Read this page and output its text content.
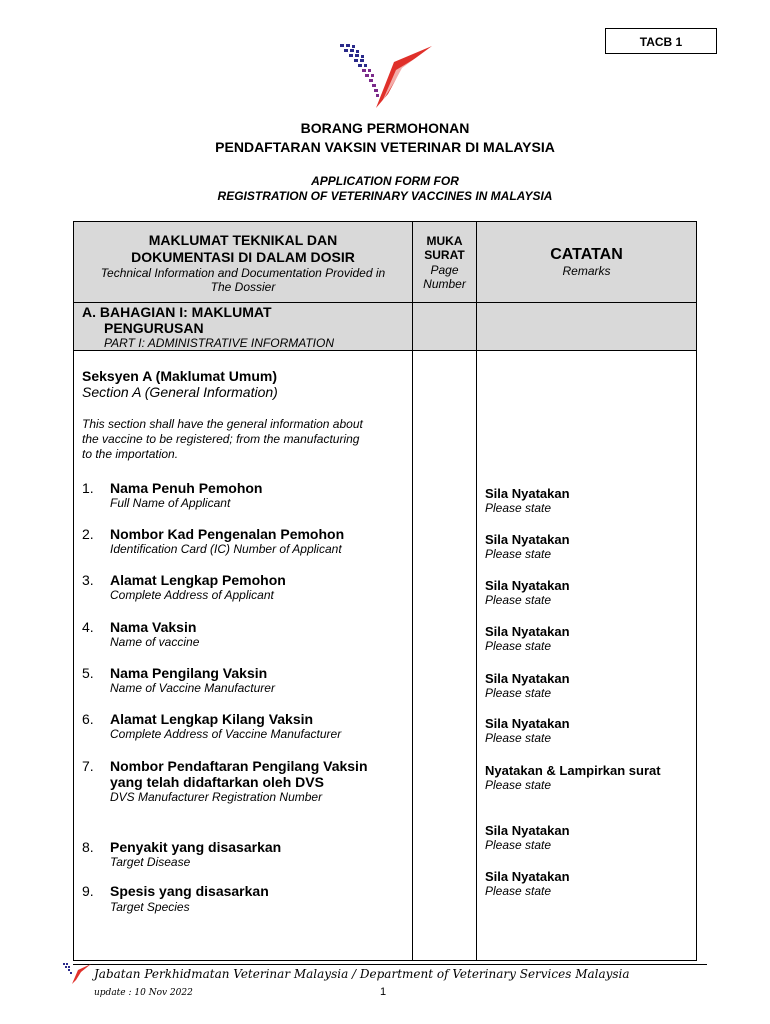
TACB 1
BORANG PERMOHONAN
PENDAFTARAN VAKSIN VETERINAR DI MALAYSIA
APPLICATION FORM FOR
REGISTRATION OF VETERINARY VACCINES IN MALAYSIA
MAKLUMAT TEKNIKAL DAN
DOKUMENTASI DI DALAM DOSIR
Technical Information and Documentation Provided in
The Dossier
MUKA
SURAT
Page
Number
CATATAN
Remarks
A. BAHAGIAN I: MAKLUMAT
PENGURUSAN
PART I: ADMINISTRATIVE INFORMATION
Seksyen A (Maklumat Umum)
Section A (General Information)
This section shall have the general information about
the vaccine to be registered; from the manufacturing
to the importation.
1. Nama Penuh Pemohon
Full Name of Applicant
Sila Nyatakan
Please state
2. Nombor Kad Pengenalan Pemohon
Identification Card (IC) Number of Applicant
Sila Nyatakan
Please state
3. Alamat Lengkap Pemohon
Complete Address of Applicant
Sila Nyatakan
Please state
4. Nama Vaksin
Name of vaccine
Sila Nyatakan
Please state
5. Nama Pengilang Vaksin
Name of Vaccine Manufacturer
Sila Nyatakan
Please state
6. Alamat Lengkap Kilang Vaksin
Complete Address of Vaccine Manufacturer
Sila Nyatakan
Please state
7. Nombor Pendaftaran Pengilang Vaksin
yang telah didaftarkan oleh DVS
DVS Manufacturer Registration Number
Nyatakan & Lampirkan surat
Please state
8. Penyakit yang disasarkan
Target Disease
Sila Nyatakan
Please state
9. Spesis yang disasarkan
Target Species
Sila Nyatakan
Please state
Jabatan Perkhidmatan Veterinar Malaysia / Department of Veterinary Services Malaysia
update : 10 Nov 2022	1
